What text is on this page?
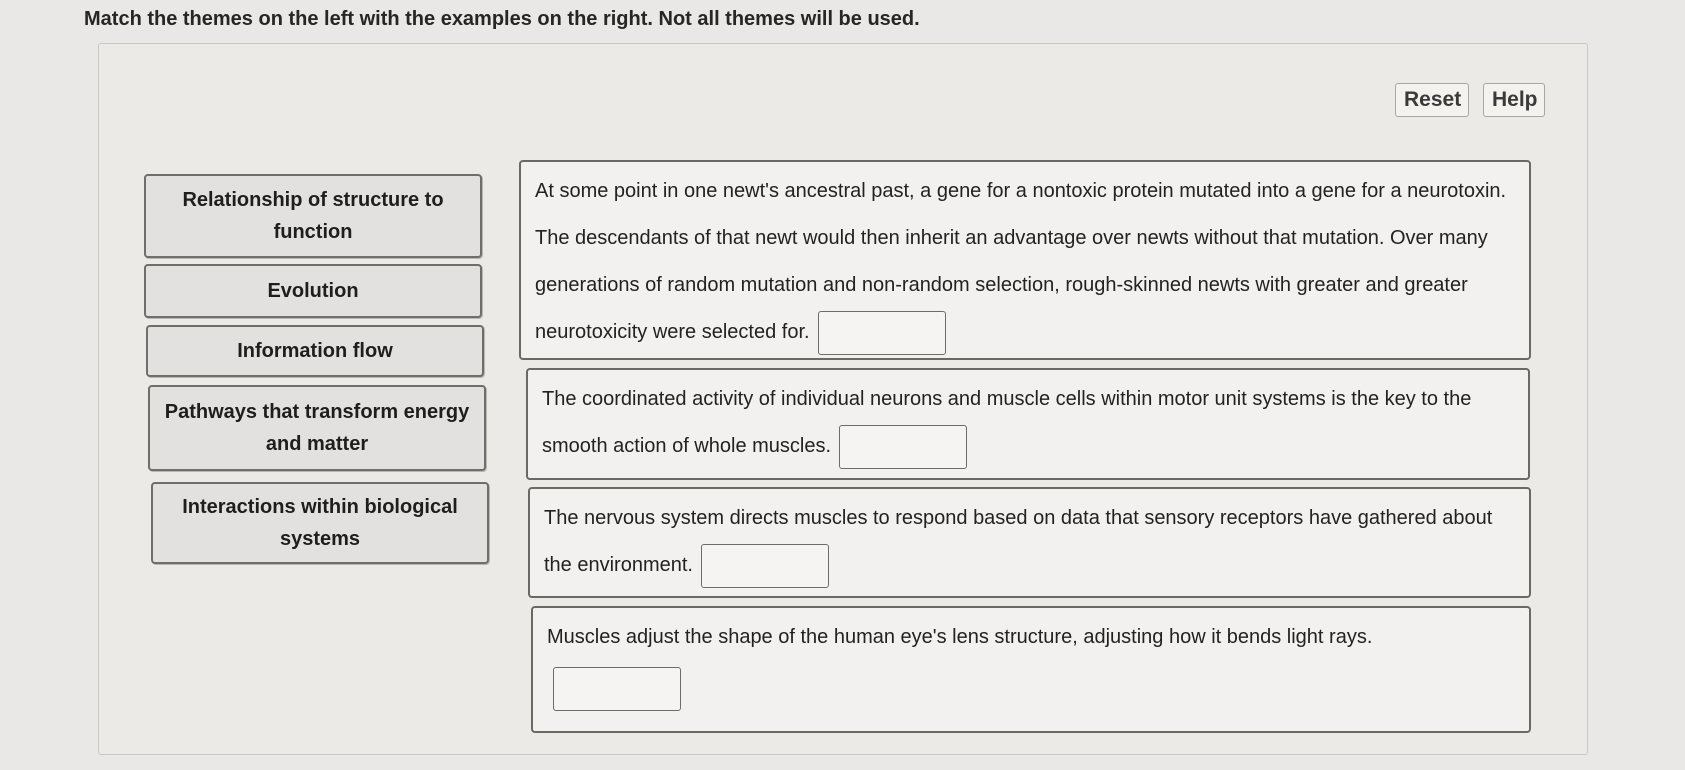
Match the themes on the left with the examples on the right. Not all themes will be used.
Reset	Help
Relationship of structure to function
Evolution
Information flow
Pathways that transform energy and matter
Interactions within biological systems
At some point in one newt's ancestral past, a gene for a nontoxic protein mutated into a gene for a neurotoxin. The descendants of that newt would then inherit an advantage over newts without that mutation. Over many generations of random mutation and non-random selection, rough-skinned newts with greater and greater neurotoxicity were selected for.
The coordinated activity of individual neurons and muscle cells within motor unit systems is the key to the smooth action of whole muscles.
The nervous system directs muscles to respond based on data that sensory receptors have gathered about the environment.
Muscles adjust the shape of the human eye's lens structure, adjusting how it bends light rays.
